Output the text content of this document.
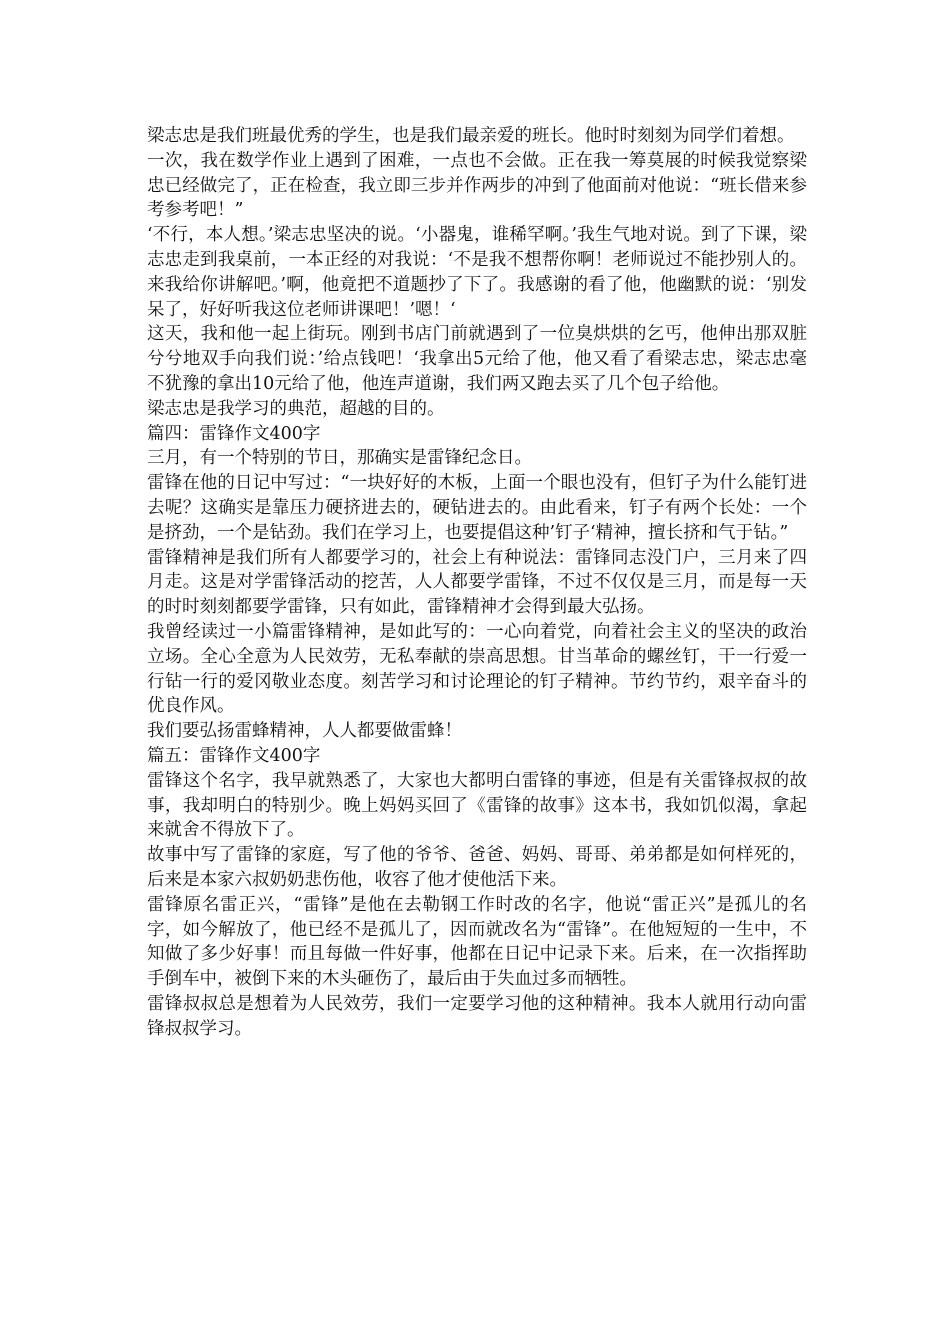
梁志忠是我们班最优秀的学生，也是我们最亲爱的班长。他时时刻刻为同学们着想。

一次，我在数学作业上遇到了困难，一点也不会做。正在我一筹莫展的时候我觉察梁忠已经做完了，正在检查，我立即三步并作两步的冲到了他面前对他说：“班长借来参考参考吧！”

‘不行，本人想。’梁志忠坚决的说。‘小器鬼，谁稀罕啊。’我生气地对说。到了下课，梁志忠走到我桌前，一本正经的对我说：‘不是我不想帮你啊！老师说过不能抄别人的。来我给你讲解吧。’啊，他竟把不道题抄了下了。我感谢的看了他，他幽默的说：‘别发呆了，好好听我这位老师讲课吧！’嗯！‘

这天，我和他一起上街玩。刚到书店门前就遇到了一位臭烘烘的乞丐，他伸出那双脏兮兮地双手向我们说：’给点钱吧！‘我拿出5元给了他，他又看了看梁志忠，梁志忠毫不犹豫的拿出10元给了他，他连声道谢，我们两又跑去买了几个包子给他。

梁志忠是我学习的典范，超越的目的。

篇四：雷锋作文400字

三月，有一个特别的节日，那确实是雷锋纪念日。

雷锋在他的日记中写过：“一块好好的木板，上面一个眼也没有，但钉子为什么能钉进去呢？这确实是靠压力硬挤进去的，硬钻进去的。由此看来，钉子有两个长处：一个是挤劲，一个是钻劲。我们在学习上，也要提倡这种’钉子‘精神，擅长挤和气于钻。”

雷锋精神是我们所有人都要学习的，社会上有种说法：雷锋同志没门户，三月来了四月走。这是对学雷锋活动的挖苦，人人都要学雷锋，不过不仅仅是三月，而是每一天的时时刻刻都要学雷锋，只有如此，雷锋精神才会得到最大弘扬。

我曾经读过一小篇雷锋精神，是如此写的：一心向着党，向着社会主义的坚决的政治立场。全心全意为人民效劳，无私奉献的崇高思想。甘当革命的螺丝钉，干一行爱一行钻一行的爱冈敬业态度。刻苦学习和讨论理论的钉子精神。节约节约，艰辛奋斗的优良作风。

我们要弘扬雷蜂精神，人人都要做雷蜂！

篇五：雷锋作文400字

雷锋这个名字，我早就熟悉了，大家也大都明白雷锋的事迹，但是有关雷锋叔叔的故事，我却明白的特别少。晚上妈妈买回了《雷锋的故事》这本书，我如饥似渴，拿起来就舍不得放下了。

故事中写了雷锋的家庭，写了他的爷爷、爸爸、妈妈、哥哥、弟弟都是如何样死的，后来是本家六叔奶奶悲伤他，收容了他才使他活下来。

雷锋原名雷正兴，“雷锋”是他在去勒钢工作时改的名字，他说“雷正兴”是孤儿的名字，如今解放了，他已经不是孤儿了，因而就改名为“雷锋”。在他短短的一生中，不知做了多少好事！而且每做一件好事，他都在日记中记录下来。后来，在一次指挥助手倒车中，被倒下来的木头砸伤了，最后由于失血过多而牺牲。

雷锋叔叔总是想着为人民效劳，我们一定要学习他的这种精神。我本人就用行动向雷锋叔叔学习。
